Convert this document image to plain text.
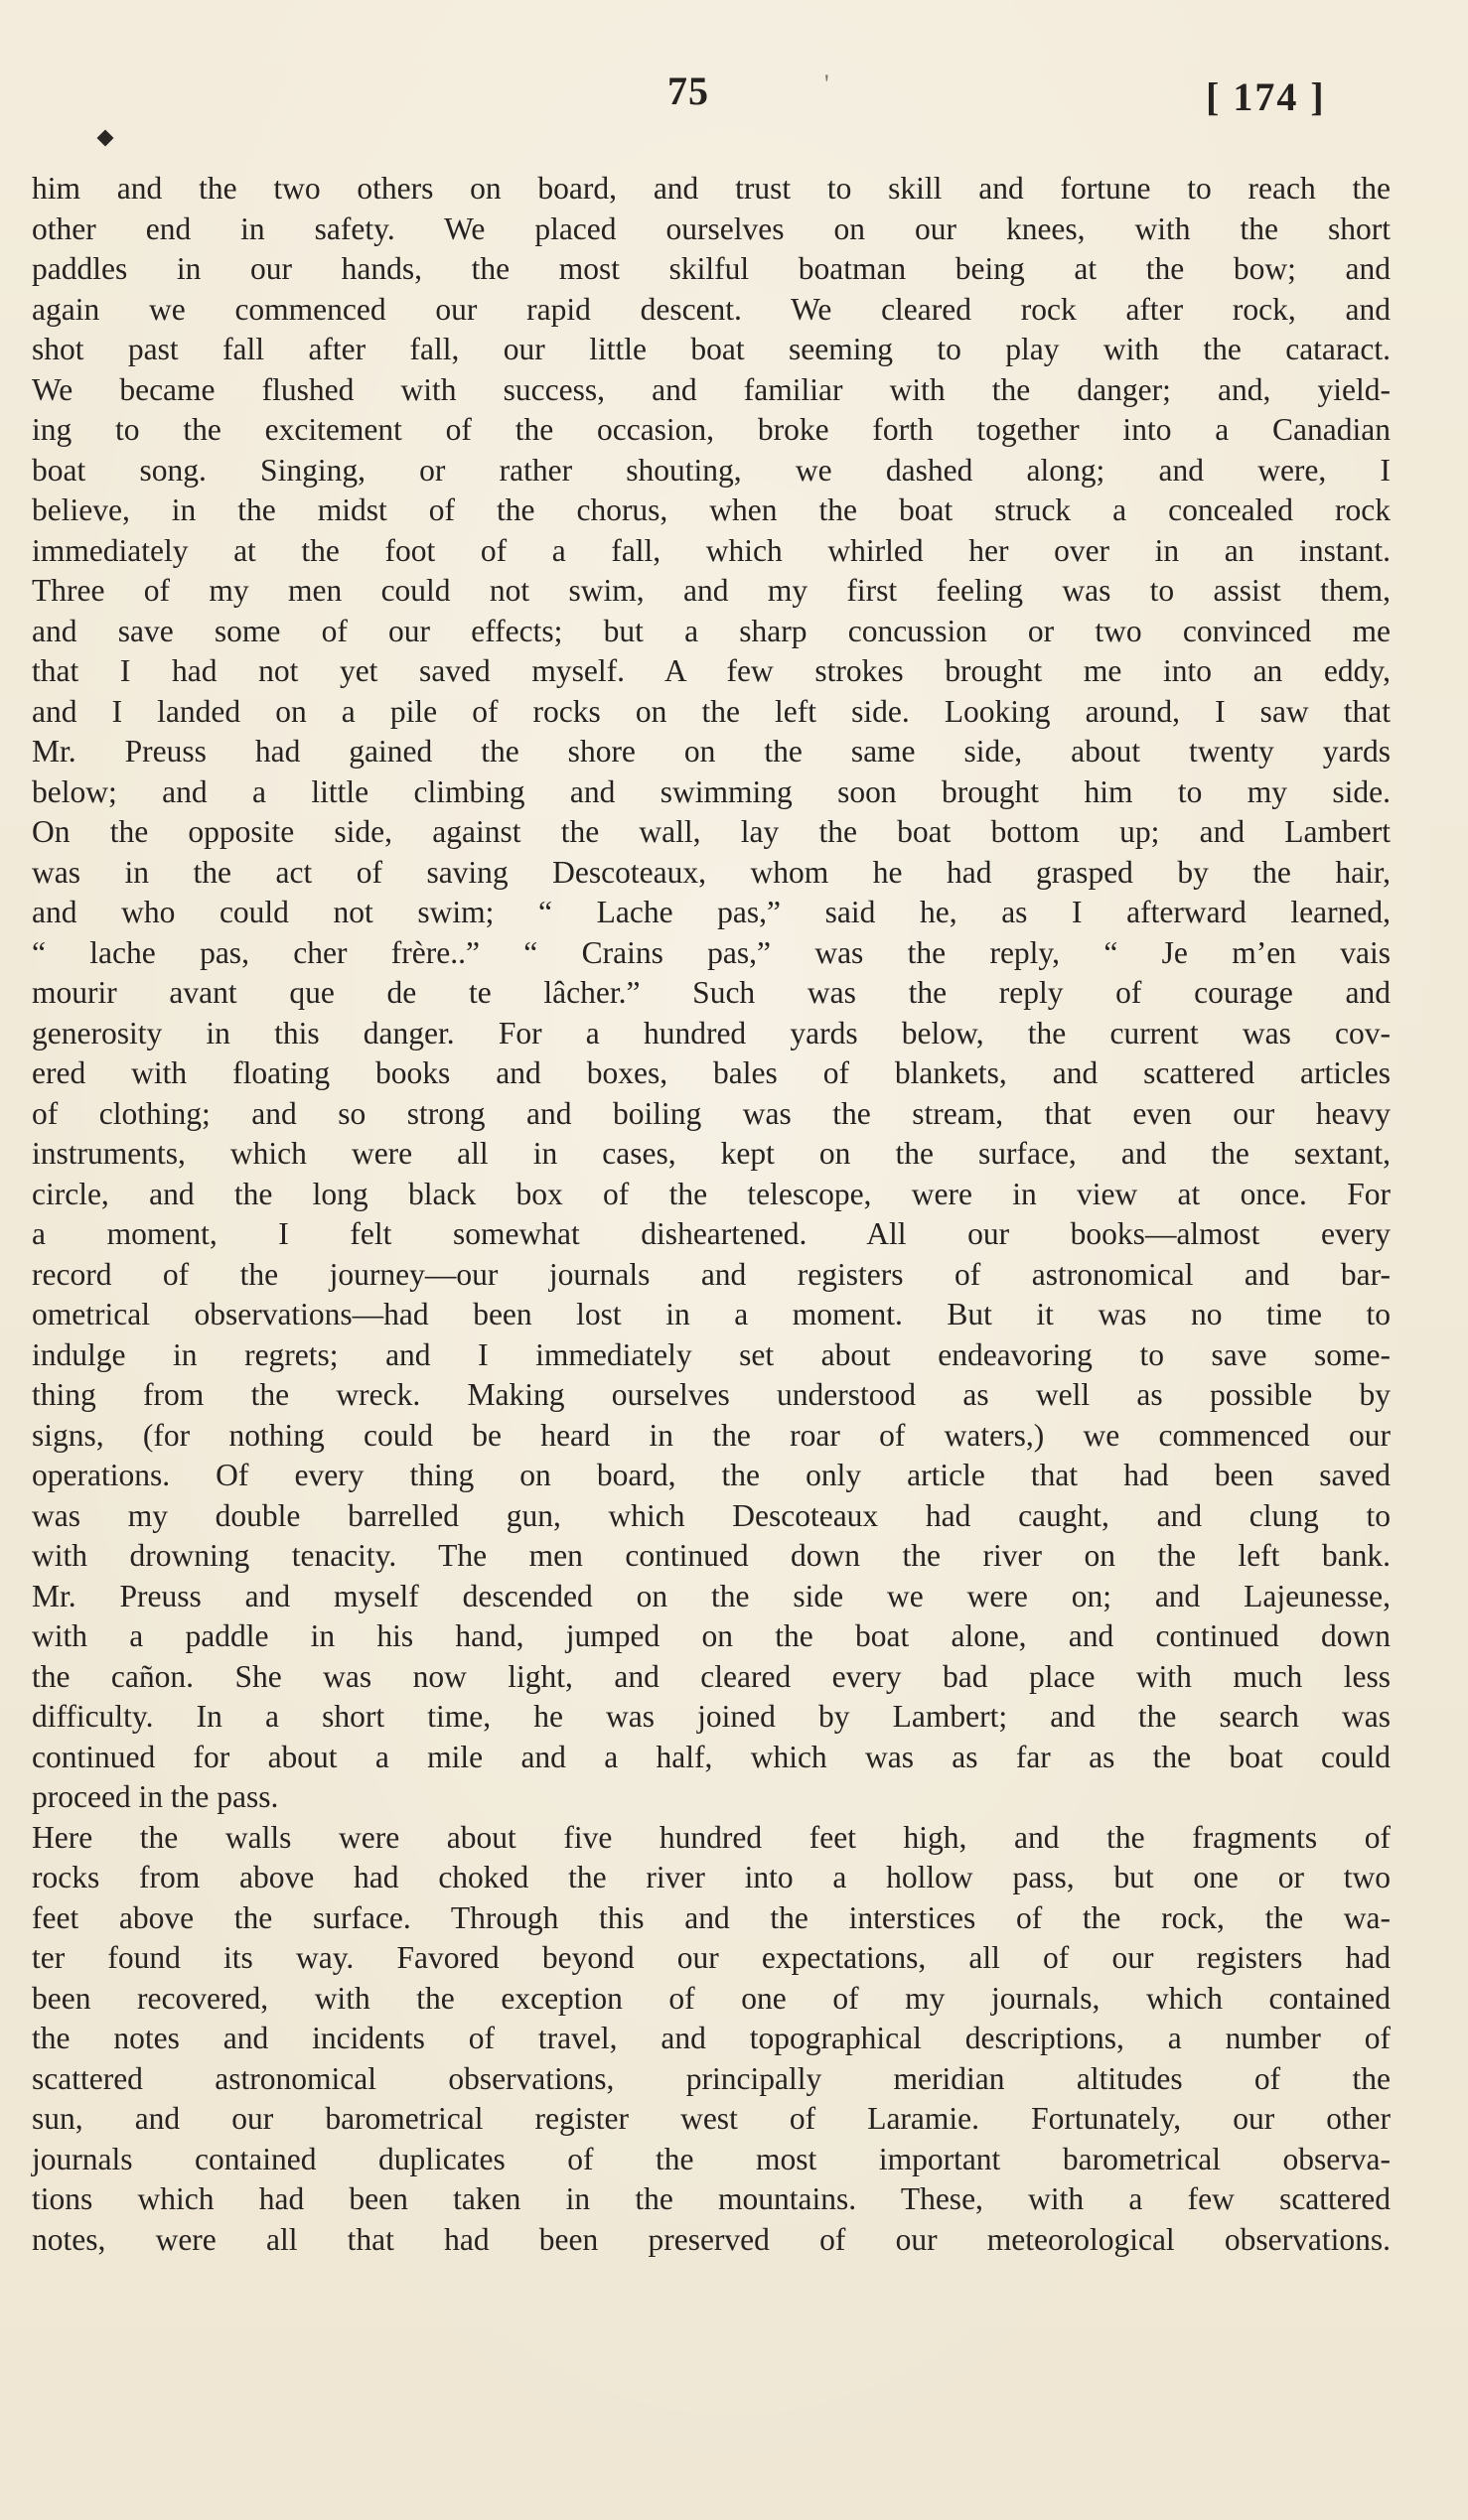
75	'	[ 174 ]
him and the two others on board, and trust to skill and fortune to reach the
other end in safety. We placed ourselves on our knees, with the short
paddles in our hands, the most skilful boatman being at the bow; and
again we commenced our rapid descent. We cleared rock after rock, and
shot past fall after fall, our little boat seeming to play with the cataract.
We became flushed with success, and familiar with the danger; and, yield-
ing to the excitement of the occasion, broke forth together into a Canadian
boat song. Singing, or rather shouting, we dashed along; and were, I
believe, in the midst of the chorus, when the boat struck a concealed rock
immediately at the foot of a fall, which whirled her over in an instant.
Three of my men could not swim, and my first feeling was to assist them,
and save some of our effects; but a sharp concussion or two convinced me
that I had not yet saved myself. A few strokes brought me into an eddy,
and I landed on a pile of rocks on the left side. Looking around, I saw that
Mr. Preuss had gained the shore on the same side, about twenty yards
below; and a little climbing and swimming soon brought him to my side.
On the opposite side, against the wall, lay the boat bottom up; and Lambert
was in the act of saving Descoteaux, whom he had grasped by the hair,
and who could not swim; “ Lache pas,” said he, as I afterward learned,
“ lache pas, cher frère..” “ Crains pas,” was the reply, “ Je m’en vais
mourir avant que de te lâcher.” Such was the reply of courage and
generosity in this danger. For a hundred yards below, the current was cov-
ered with floating books and boxes, bales of blankets, and scattered articles
of clothing; and so strong and boiling was the stream, that even our heavy
instruments, which were all in cases, kept on the surface, and the sextant,
circle, and the long black box of the telescope, were in view at once. For
a moment, I felt somewhat disheartened. All our books—almost every
record of the journey—our journals and registers of astronomical and bar-
ometrical observations—had been lost in a moment. But it was no time to
indulge in regrets; and I immediately set about endeavoring to save some-
thing from the wreck. Making ourselves understood as well as possible by
signs, (for nothing could be heard in the roar of waters,) we commenced our
operations. Of every thing on board, the only article that had been saved
was my double barrelled gun, which Descoteaux had caught, and clung to
with drowning tenacity. The men continued down the river on the left bank.
Mr. Preuss and myself descended on the side we were on; and Lajeunesse,
with a paddle in his hand, jumped on the boat alone, and continued down
the cañon. She was now light, and cleared every bad place with much less
difficulty. In a short time, he was joined by Lambert; and the search was
continued for about a mile and a half, which was as far as the boat could
proceed in the pass.
Here the walls were about five hundred feet high, and the fragments of
rocks from above had choked the river into a hollow pass, but one or two
feet above the surface. Through this and the interstices of the rock, the wa-
ter found its way. Favored beyond our expectations, all of our registers had
been recovered, with the exception of one of my journals, which contained
the notes and incidents of travel, and topographical descriptions, a number of
scattered astronomical observations, principally meridian altitudes of the
sun, and our barometrical register west of Laramie. Fortunately, our other
journals contained duplicates of the most important barometrical observa-
tions which had been taken in the mountains. These, with a few scattered
notes, were all that had been preserved of our meteorological observations.
